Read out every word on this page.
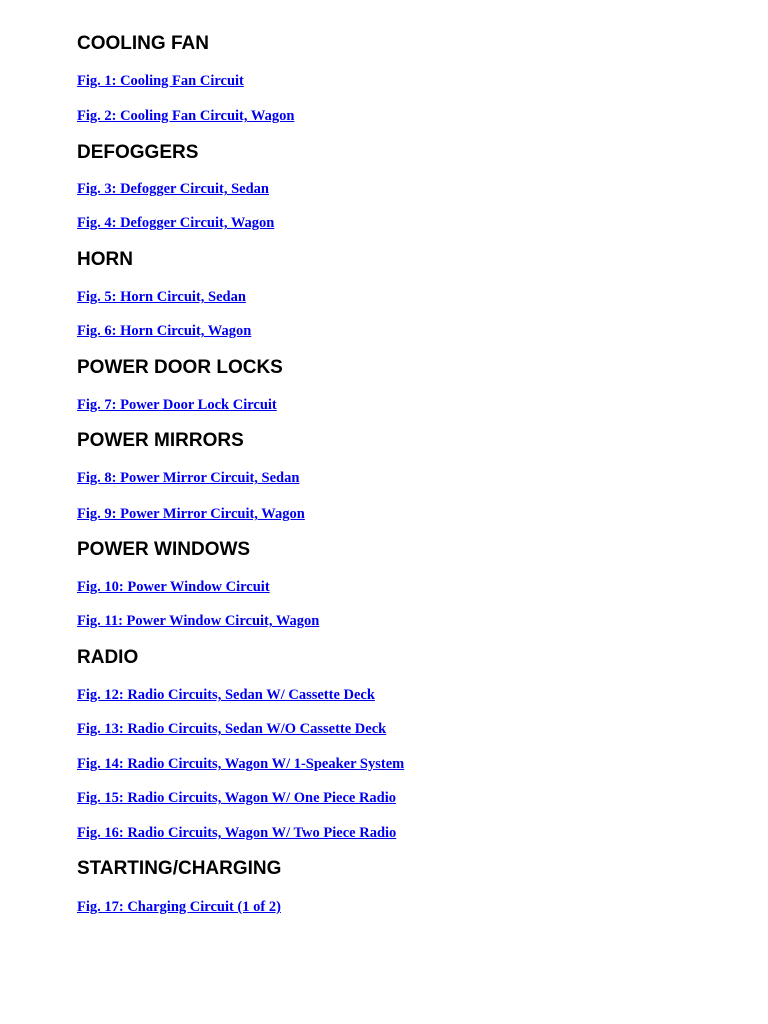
COOLING FAN
Fig. 1: Cooling Fan Circuit
Fig. 2: Cooling Fan Circuit, Wagon
DEFOGGERS
Fig. 3: Defogger Circuit, Sedan
Fig. 4: Defogger Circuit, Wagon
HORN
Fig. 5: Horn Circuit, Sedan
Fig. 6: Horn Circuit, Wagon
POWER DOOR LOCKS
Fig. 7: Power Door Lock Circuit
POWER MIRRORS
Fig. 8: Power Mirror Circuit, Sedan
Fig. 9: Power Mirror Circuit, Wagon
POWER WINDOWS
Fig. 10: Power Window Circuit
Fig. 11: Power Window Circuit, Wagon
RADIO
Fig. 12: Radio Circuits, Sedan W/ Cassette Deck
Fig. 13: Radio Circuits, Sedan W/O Cassette Deck
Fig. 14: Radio Circuits, Wagon W/ 1-Speaker System
Fig. 15: Radio Circuits, Wagon W/ One Piece Radio
Fig. 16: Radio Circuits, Wagon W/ Two Piece Radio
STARTING/CHARGING
Fig. 17: Charging Circuit (1 of 2)
